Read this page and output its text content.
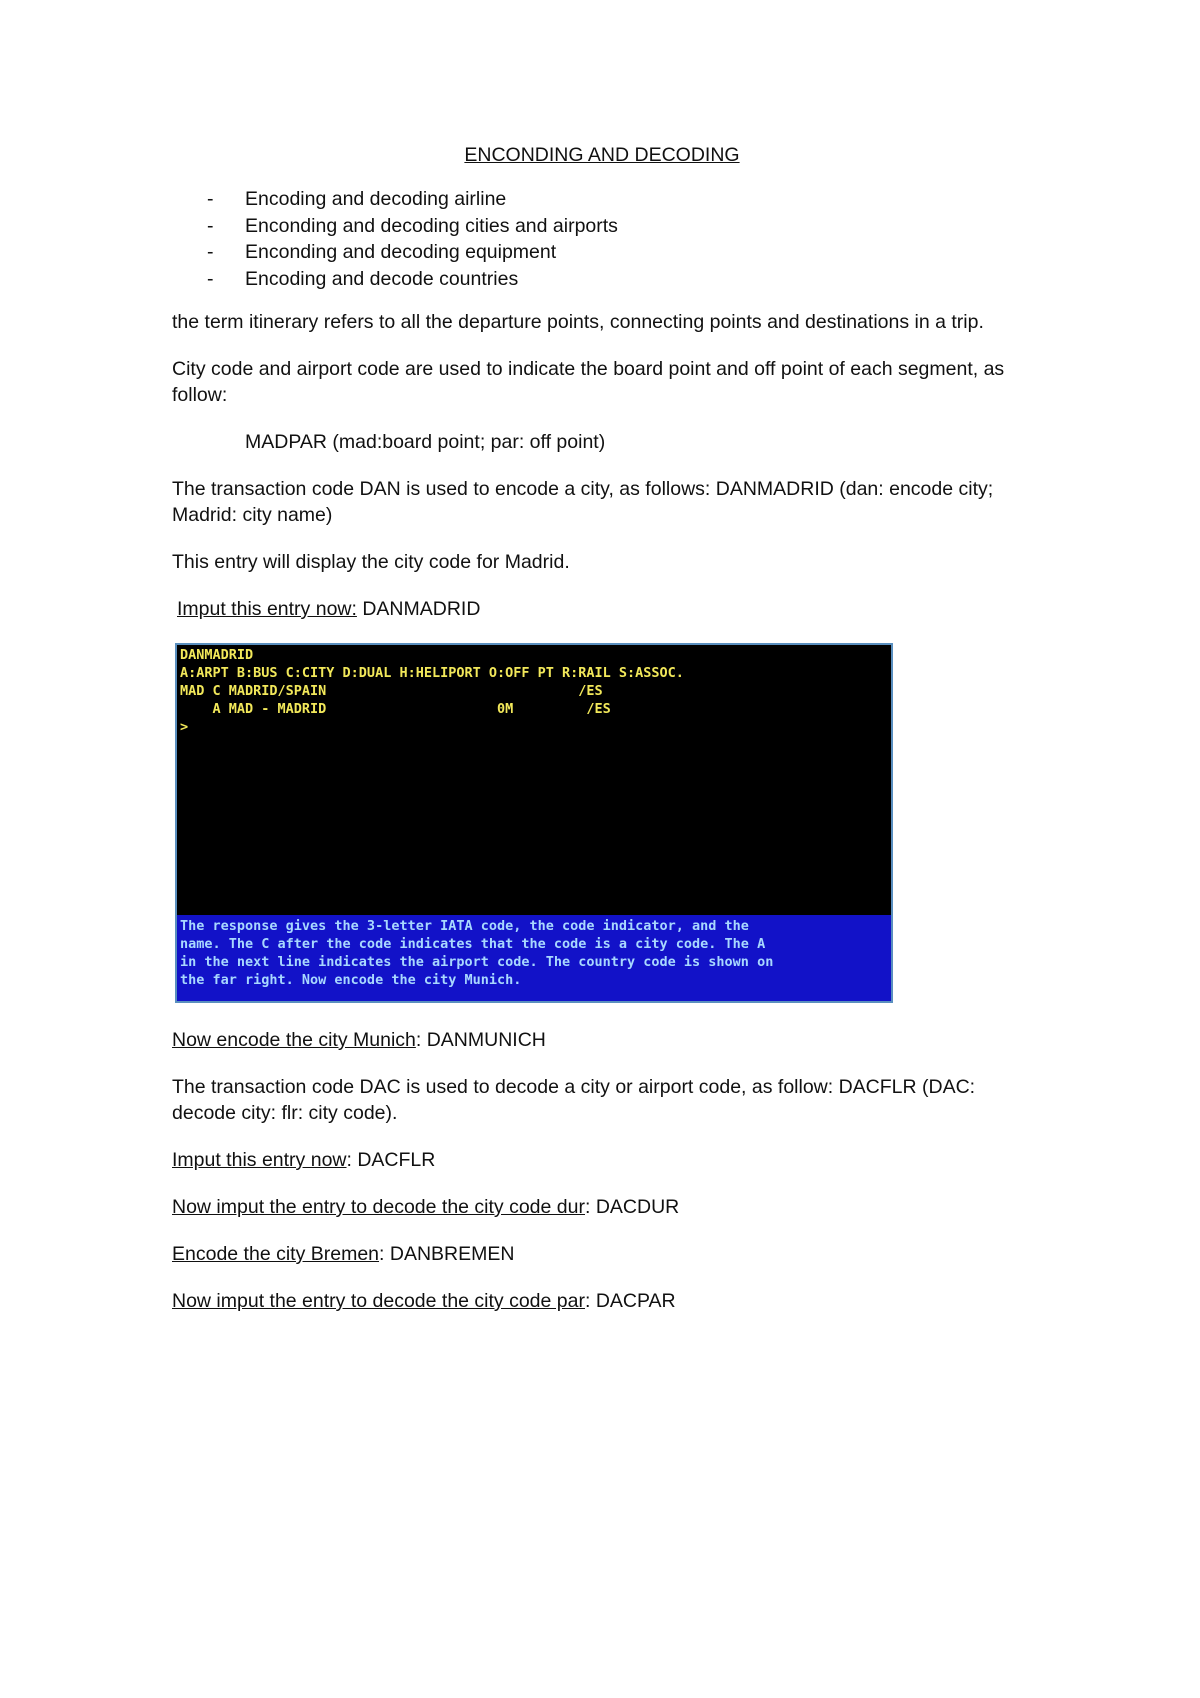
ENCONDING AND DECODING
- Encoding and decoding airline
- Enconding and decoding cities and airports
- Enconding and decoding equipment
- Encoding and decode countries

the term itinerary refers to all the departure points, connecting points and destinations in a trip.

City code and airport code are used to indicate the board point and off point of each segment, as follow:

MADPAR (mad:board point; par: off point)

The transaction code DAN is used to encode a city, as follows: DANMADRID (dan: encode city; Madrid: city name)

This entry will display the city code for Madrid.

Imput this entry now: DANMADRID

DANMADRID
A:ARPT B:BUS C:CITY D:DUAL H:HELIPORT O:OFF PT R:RAIL S:ASSOC.
MAD C MADRID/SPAIN                               /ES
A MAD - MADRID                     0M         /ES
>
The response gives the 3-letter IATA code, the code indicator, and the
name. The C after the code indicates that the code is a city code. The A
in the next line indicates the airport code. The country code is shown on
the far right. Now encode the city Munich.

Now encode the city Munich: DANMUNICH

The transaction code DAC is used to decode a city or airport code, as follow: DACFLR (DAC: decode city: flr: city code).

Imput this entry now: DACFLR

Now imput the entry to decode the city code dur: DACDUR

Encode the city Bremen: DANBREMEN

Now imput the entry to decode the city code par: DACPAR
